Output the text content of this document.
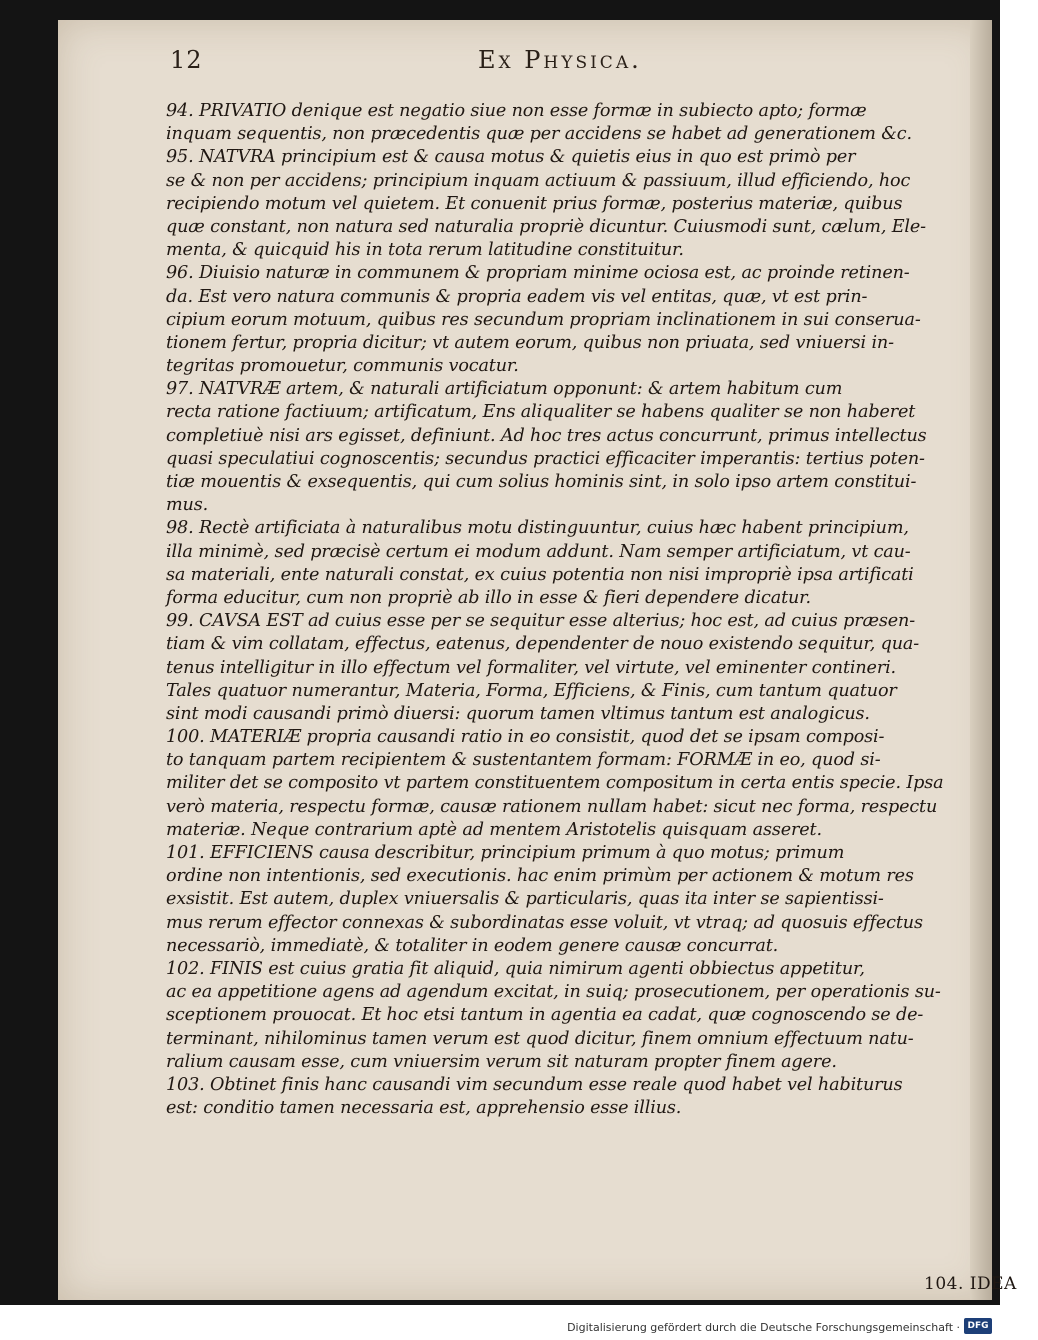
12	Ex Physica.
94. PRIVATIO denique est negatio siue non esse formæ in subiecto apto; formæ
inquam sequentis, non præcedentis quæ per accidens se habet ad generationem &c.
95. NATVRA principium est & causa motus & quietis eius in quo est primò per
se & non per accidens; principium inquam actiuum & passiuum, illud efficiendo, hoc
recipiendo motum vel quietem. Et conuenit prius formæ, posterius materiæ, quibus
quæ constant, non natura sed naturalia propriè dicuntur. Cuiusmodi sunt, cælum, Ele-
menta, & quicquid his in tota rerum latitudine constituitur.
96. Diuisio naturæ in communem & propriam minime ociosa est, ac proinde retinen-
da. Est vero natura communis & propria eadem vis vel entitas, quæ, vt est prin-
cipium eorum motuum, quibus res secundum propriam inclinationem in sui conserua-
tionem fertur, propria dicitur; vt autem eorum, quibus non priuata, sed vniuersi in-
tegritas promouetur, communis vocatur.
97. NATVRÆ artem, & naturali artificiatum opponunt: & artem habitum cum
recta ratione factiuum; artificatum, Ens aliqualiter se habens qualiter se non haberet
completiuè nisi ars egisset, definiunt. Ad hoc tres actus concurrunt, primus intellectus
quasi speculatiui cognoscentis; secundus practici efficaciter imperantis: tertius poten-
tiæ mouentis & exsequentis, qui cum solius hominis sint, in solo ipso artem constitui-
mus.
98. Rectè artificiata à naturalibus motu distinguuntur, cuius hæc habent principium,
illa minimè, sed præcisè certum ei modum addunt. Nam semper artificiatum, vt cau-
sa materiali, ente naturali constat, ex cuius potentia non nisi impropriè ipsa artificati
forma educitur, cum non propriè ab illo in esse & fieri dependere dicatur.
99. CAVSA EST ad cuius esse per se sequitur esse alterius; hoc est, ad cuius præsen-
tiam & vim collatam, effectus, eatenus, dependenter de nouo existendo sequitur, qua-
tenus intelligitur in illo effectum vel formaliter, vel virtute, vel eminenter contineri.
Tales quatuor numerantur, Materia, Forma, Efficiens, & Finis, cum tantum quatuor
sint modi causandi primò diuersi: quorum tamen vltimus tantum est analogicus.
100. MATERIÆ propria causandi ratio in eo consistit, quod det se ipsam composi-
to tanquam partem recipientem & sustentantem formam: FORMÆ in eo, quod si-
militer det se composito vt partem constituentem compositum in certa entis specie. Ipsa
verò materia, respectu formæ, causæ rationem nullam habet: sicut nec forma, respectu
materiæ. Neque contrarium aptè ad mentem Aristotelis quisquam asseret.
101. EFFICIENS causa describitur, principium primum à quo motus; primum
ordine non intentionis, sed executionis. hac enim primùm per actionem & motum res
exsistit. Est autem, duplex vniuersalis & particularis, quas ita inter se sapientissi-
mus rerum effector connexas & subordinatas esse voluit, vt vtraq; ad quosuis effectus
necessariò, immediatè, & totaliter in eodem genere causæ concurrat.
102. FINIS est cuius gratia fit aliquid, quia nimirum agenti obbiectus appetitur,
ac ea appetitione agens ad agendum excitat, in suiq; prosecutionem, per operationis su-
sceptionem prouocat. Et hoc etsi tantum in agentia ea cadat, quæ cognoscendo se de-
terminant, nihilominus tamen verum est quod dicitur, finem omnium effectuum natu-
ralium causam esse, cum vniuersim verum sit naturam propter finem agere.
103. Obtinet finis hanc causandi vim secundum esse reale quod habet vel habiturus
est: conditio tamen necessaria est, apprehensio esse illius.
104. IDEA
Digitalisierung gefördert durch die Deutsche Forschungsgemeinschaft · DFG
